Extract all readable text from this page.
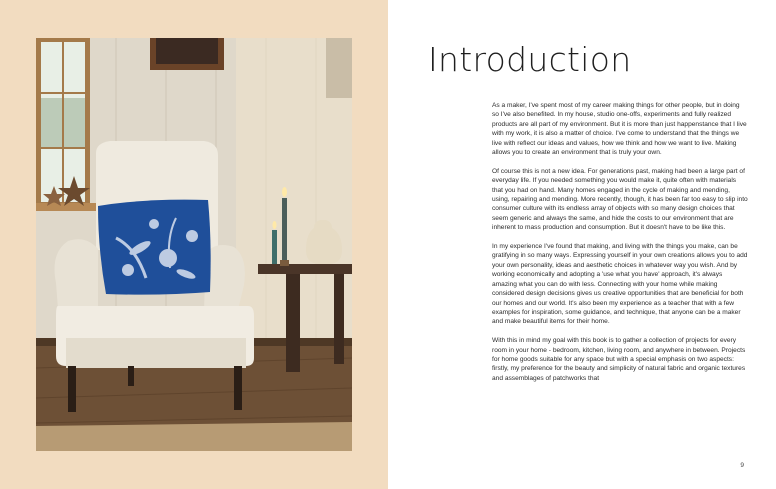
Introduction

As a maker, I've spent most of my career making things for other people, but in doing so I've also benefited. In my house, studio one-offs, experiments and fully realized products are all part of my environment. But it is more than just happenstance that I live with my work, it is also a matter of choice. I've come to understand that the things we live with reflect our ideas and values, how we think and how we want to live. Making allows you to create an environment that is truly your own.

Of course this is not a new idea. For generations past, making had been a large part of everyday life. If you needed something you would make it, quite often with materials that you had on hand. Many homes engaged in the cycle of making and mending, using, repairing and mending. More recently, though, it has been far too easy to slip into consumer culture with its endless array of objects with so many design choices that seem generic and always the same, and hide the costs to our environment that are inherent to mass production and consumption. But it doesn't have to be like this.

In my experience I've found that making, and living with the things you make, can be gratifying in so many ways. Expressing yourself in your own creations allows you to add your own personality, ideas and aesthetic choices in whatever way you wish. And by working economically and adopting a 'use what you have' approach, it's always amazing what you can do with less. Connecting with your home while making considered design decisions gives us creative opportunities that are beneficial for both our homes and our world. It's also been my experience as a teacher that with a few examples for inspiration, some guidance, and technique, that anyone can be a maker and make beautiful items for their home.

With this in mind my goal with this book is to gather a collection of projects for every room in your home - bedroom, kitchen, living room, and anywhere in between. Projects for home goods suitable for any space but with a special emphasis on two aspects: firstly, my preference for the beauty and simplicity of natural fabric and organic textures and assemblages of patchworks that

9
